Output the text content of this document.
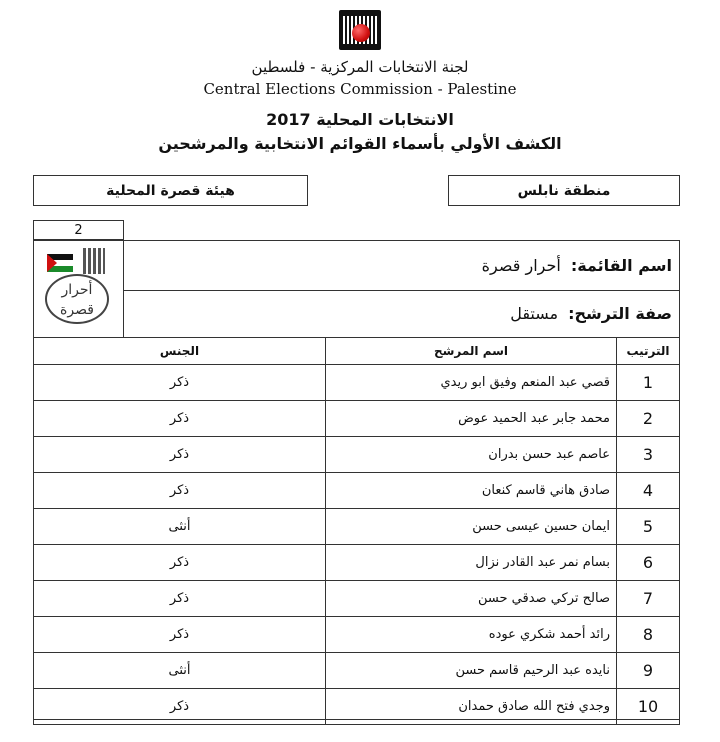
لجنة الانتخابات المركزية - فلسطين
Central Elections Commission - Palestine
الانتخابات المحلية 2017
الكشف الأولي بأسماء القوائم الانتخابية والمرشحين
منطقة نابلس
هيئة قصرة المحلية
2
أحرار قصرة
اسم القائمة:
أحرار قصرة
صفة الترشح:
مستقل
الترتيب	اسم المرشح	الجنس
1	قصي عبد المنعم وفيق ابو ريدي	ذكر
2	محمد جابر عبد الحميد عوض	ذكر
3	عاصم عبد حسن بدران	ذكر
4	صادق هاني قاسم كنعان	ذكر
5	ايمان حسين عيسى حسن	أنثى
6	بسام نمر عبد القادر نزال	ذكر
7	صالح تركي صدقي حسن	ذكر
8	رائد أحمد شكري عوده	ذكر
9	نايده عبد الرحيم قاسم حسن	أنثى
10	وجدي فتح الله صادق حمدان	ذكر
